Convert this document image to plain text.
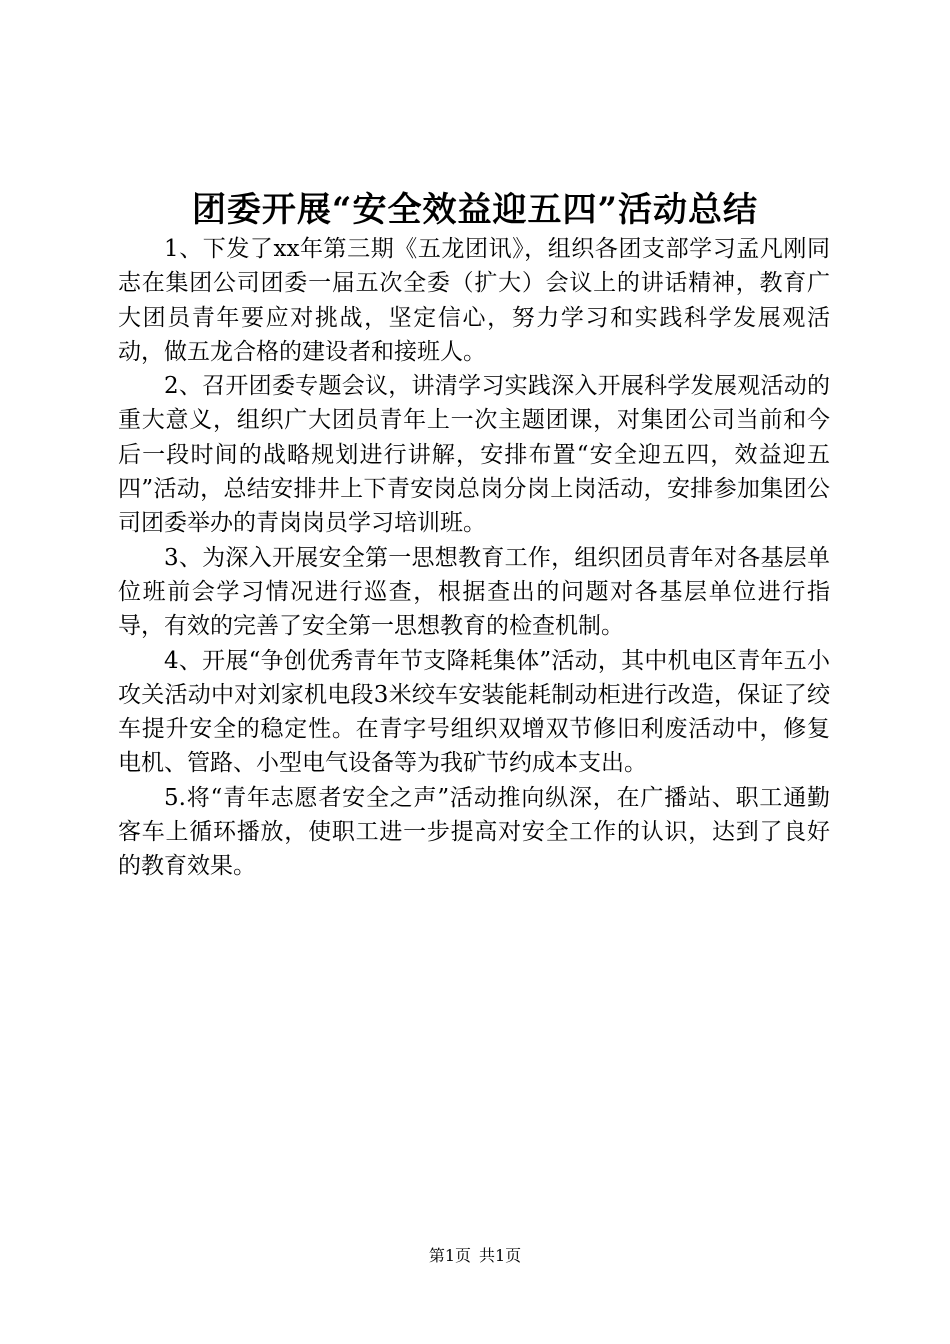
团委开展“安全效益迎五四”活动总结

1、下发了xx年第三期《五龙团讯》，组织各团支部学习孟凡刚同志在集团公司团委一届五次全委（扩大）会议上的讲话精神，教育广大团员青年要应对挑战，坚定信心，努力学习和实践科学发展观活动，做五龙合格的建设者和接班人。

2、召开团委专题会议，讲清学习实践深入开展科学发展观活动的重大意义，组织广大团员青年上一次主题团课，对集团公司当前和今后一段时间的战略规划进行讲解，安排布置“安全迎五四，效益迎五四”活动，总结安排井上下青安岗总岗分岗上岗活动，安排参加集团公司团委举办的青岗岗员学习培训班。

3、为深入开展安全第一思想教育工作，组织团员青年对各基层单位班前会学习情况进行巡查，根据查出的问题对各基层单位进行指导，有效的完善了安全第一思想教育的检查机制。

4、开展“争创优秀青年节支降耗集体”活动，其中机电区青年五小攻关活动中对刘家机电段3米绞车安装能耗制动柜进行改造，保证了绞车提升安全的稳定性。在青字号组织双增双节修旧利废活动中，修复电机、管路、小型电气设备等为我矿节约成本支出。

5.将“青年志愿者安全之声”活动推向纵深，在广播站、职工通勤客车上循环播放，使职工进一步提高对安全工作的认识，达到了良好的教育效果。

第1页 共1页
